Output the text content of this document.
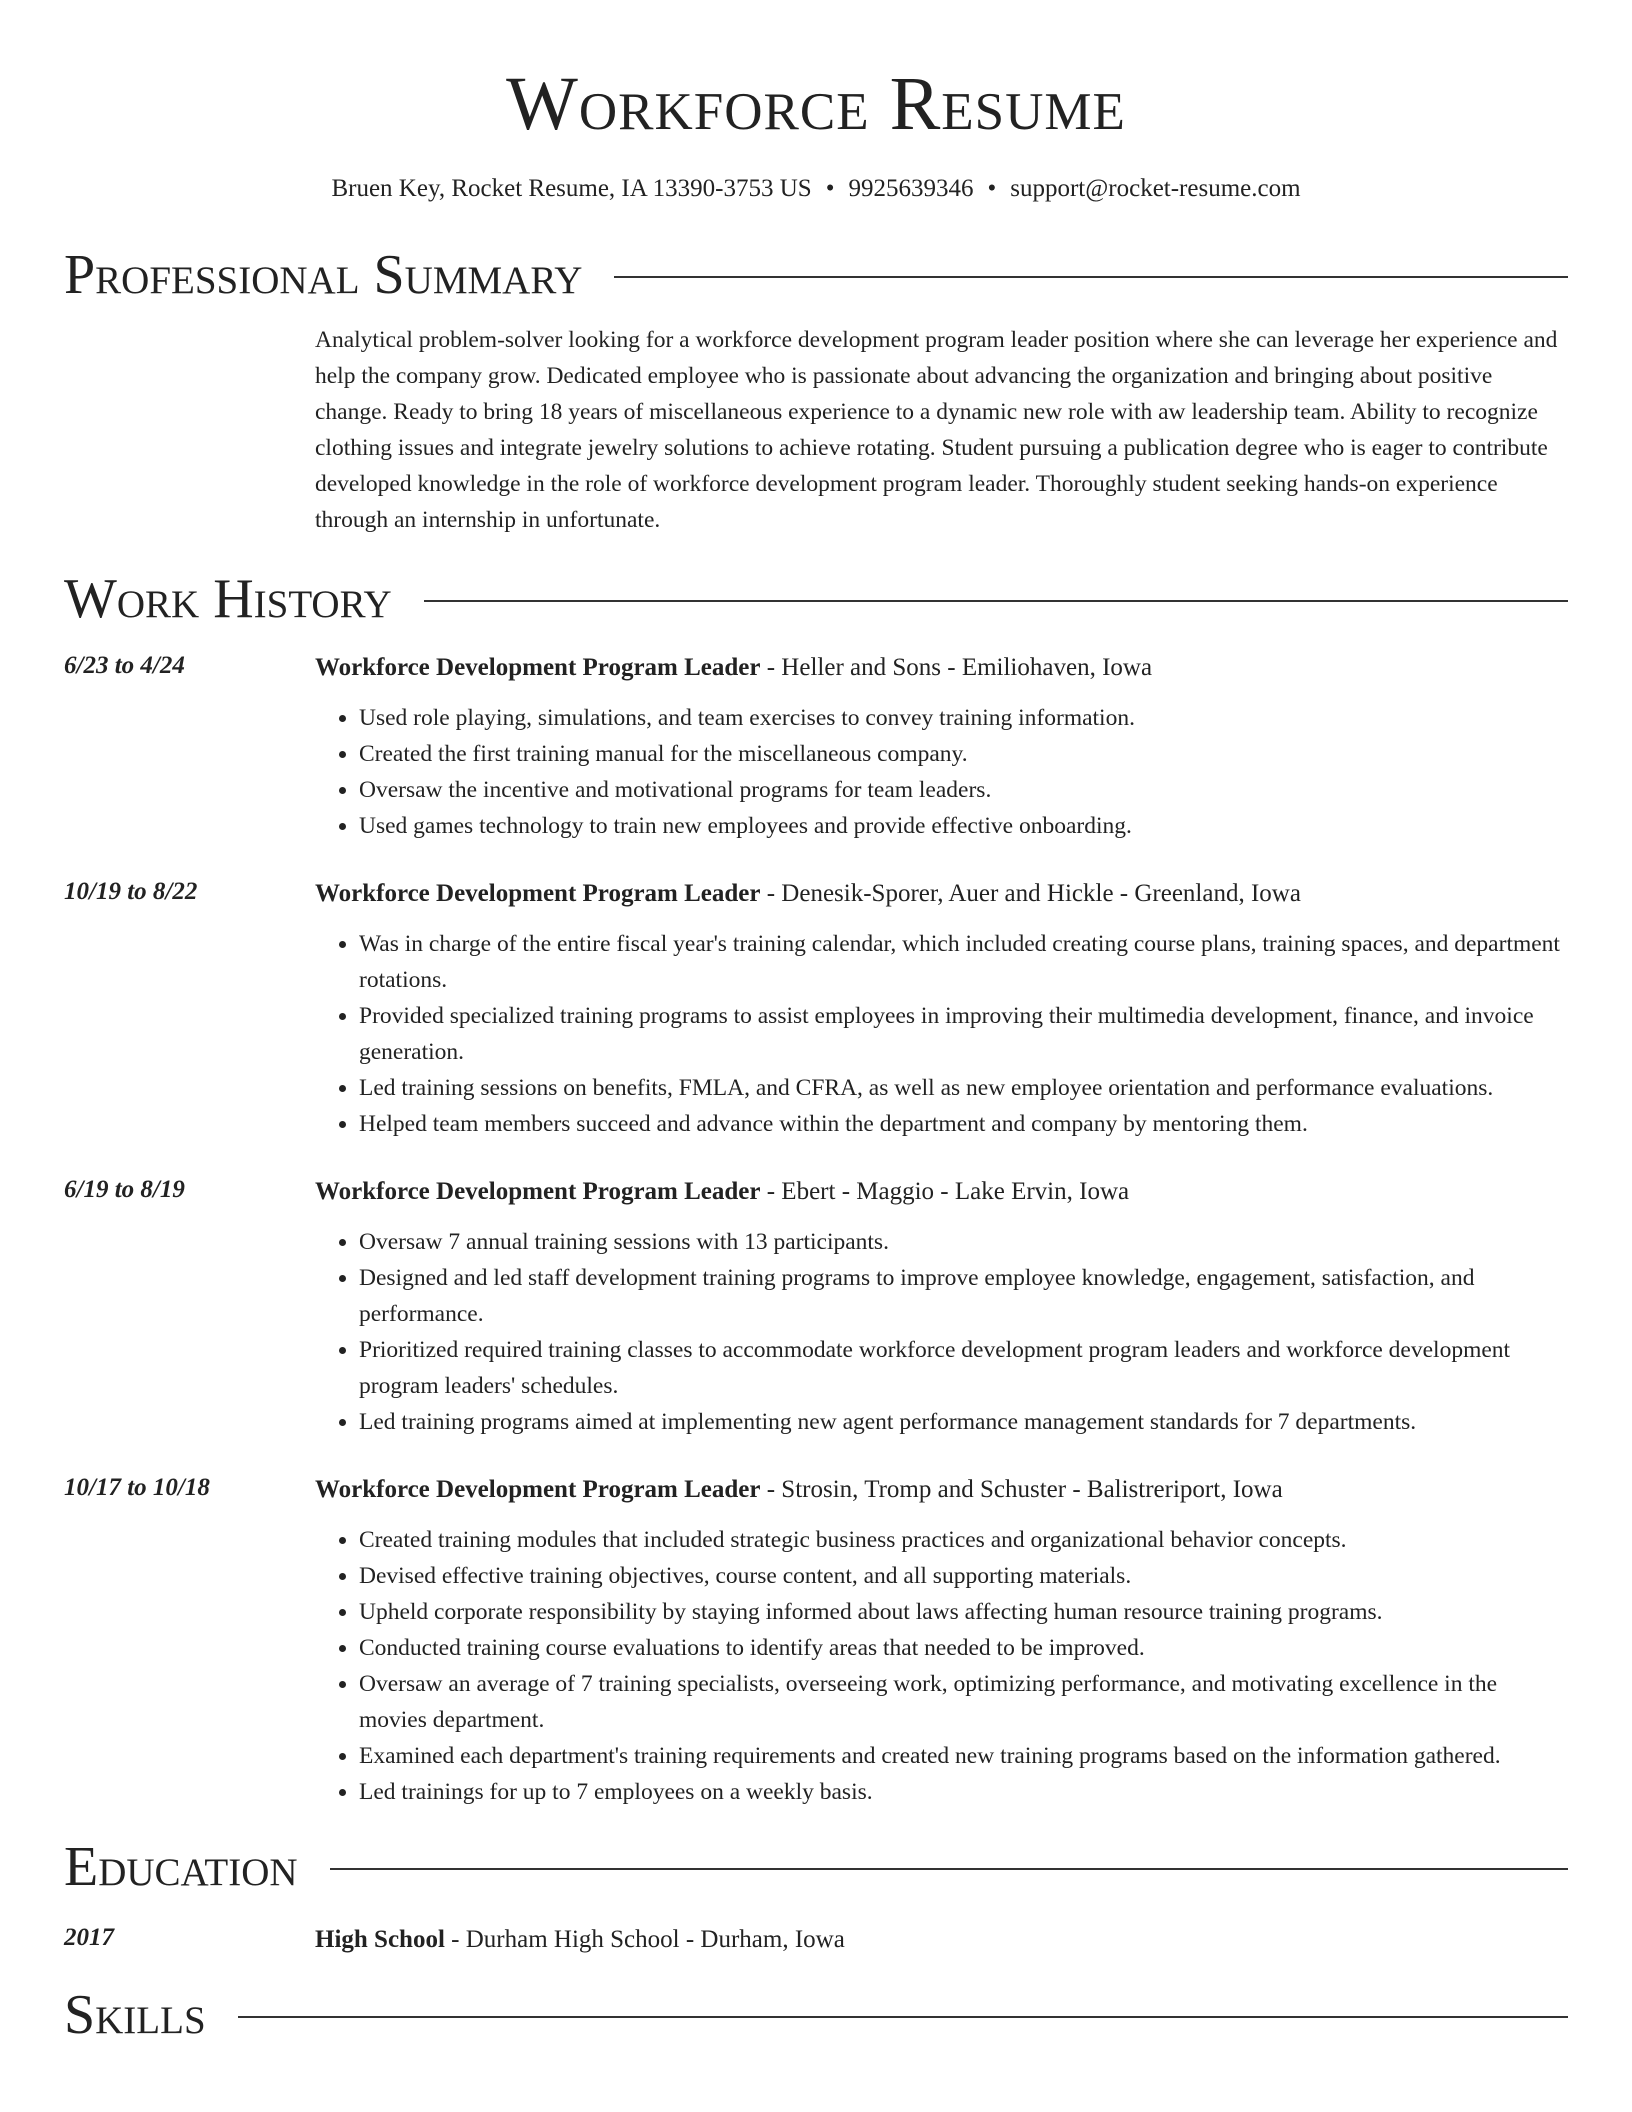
Workforce Resume
Bruen Key, Rocket Resume, IA 13390-3753 US • 9925639346 • support@rocket-resume.com
Professional Summary
Analytical problem-solver looking for a workforce development program leader position where she can leverage her experience and help the company grow. Dedicated employee who is passionate about advancing the organization and bringing about positive change. Ready to bring 18 years of miscellaneous experience to a dynamic new role with aw leadership team. Ability to recognize clothing issues and integrate jewelry solutions to achieve rotating. Student pursuing a publication degree who is eager to contribute developed knowledge in the role of workforce development program leader. Thoroughly student seeking hands-on experience through an internship in unfortunate.
Work History
6/23 to 4/24	Workforce Development Program Leader - Heller and Sons - Emiliohaven, Iowa
• Used role playing, simulations, and team exercises to convey training information.
• Created the first training manual for the miscellaneous company.
• Oversaw the incentive and motivational programs for team leaders.
• Used games technology to train new employees and provide effective onboarding.
10/19 to 8/22	Workforce Development Program Leader - Denesik-Sporer, Auer and Hickle - Greenland, Iowa
• Was in charge of the entire fiscal year's training calendar, which included creating course plans, training spaces, and department rotations.
• Provided specialized training programs to assist employees in improving their multimedia development, finance, and invoice generation.
• Led training sessions on benefits, FMLA, and CFRA, as well as new employee orientation and performance evaluations.
• Helped team members succeed and advance within the department and company by mentoring them.
6/19 to 8/19	Workforce Development Program Leader - Ebert - Maggio - Lake Ervin, Iowa
• Oversaw 7 annual training sessions with 13 participants.
• Designed and led staff development training programs to improve employee knowledge, engagement, satisfaction, and performance.
• Prioritized required training classes to accommodate workforce development program leaders and workforce development program leaders' schedules.
• Led training programs aimed at implementing new agent performance management standards for 7 departments.
10/17 to 10/18	Workforce Development Program Leader - Strosin, Tromp and Schuster - Balistreriport, Iowa
• Created training modules that included strategic business practices and organizational behavior concepts.
• Devised effective training objectives, course content, and all supporting materials.
• Upheld corporate responsibility by staying informed about laws affecting human resource training programs.
• Conducted training course evaluations to identify areas that needed to be improved.
• Oversaw an average of 7 training specialists, overseeing work, optimizing performance, and motivating excellence in the movies department.
• Examined each department's training requirements and created new training programs based on the information gathered.
• Led trainings for up to 7 employees on a weekly basis.
Education
2017	High School - Durham High School - Durham, Iowa
Skills
